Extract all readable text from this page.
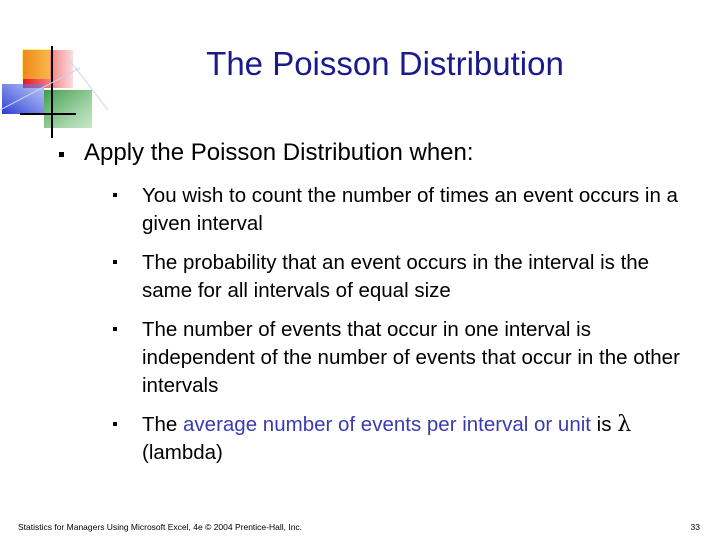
The Poisson Distribution
Apply the Poisson Distribution when:
You wish to count the number of times an event occurs in a given interval
The probability that an event occurs in the interval is the same for all intervals of equal size
The number of events that occur in one interval is independent of the number of events that occur in the other intervals
The average number of events per interval or unit is λ (lambda)
Statistics for Managers Using Microsoft Excel, 4e © 2004 Prentice-Hall, Inc.	33
